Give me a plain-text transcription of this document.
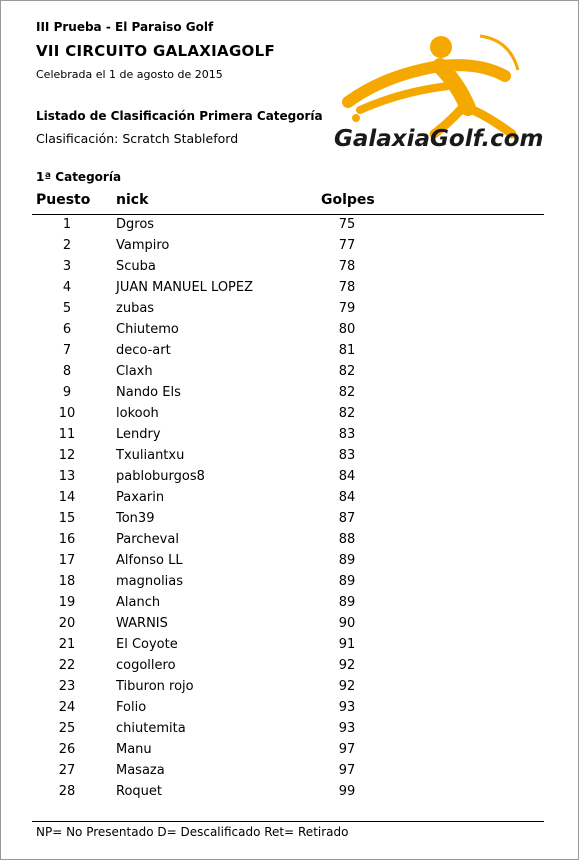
III Prueba - El Paraiso Golf
VII CIRCUITO GALAXIAGOLF
Celebrada el 1 de agosto de 2015
Listado de Clasificación Primera Categoría
Clasificación: Scratch Stableford
1ª Categoría
GalaxiaGolf.com
Puesto nick	Golpes
1	Dgros	75
2	Vampiro	77
3	Scuba	78
4	JUAN MANUEL LOPEZ	78
5	zubas	79
6	Chiutemo	80
7	deco-art	81
8	Claxh	82
9	Nando Els	82
10	lokooh	82
11	Lendry	83
12	Txuliantxu	83
13	pabloburgos8	84
14	Paxarin	84
15	Ton39	87
16	Parcheval	88
17	Alfonso LL	89
18	magnolias	89
19	Alanch	89
20	WARNIS	90
21	El Coyote	91
22	cogollero	92
23	Tiburon rojo	92
24	Folio	93
25	chiutemita	93
26	Manu	97
27	Masaza	97
28	Roquet	99
NP= No Presentado D= Descalificado Ret= Retirado
